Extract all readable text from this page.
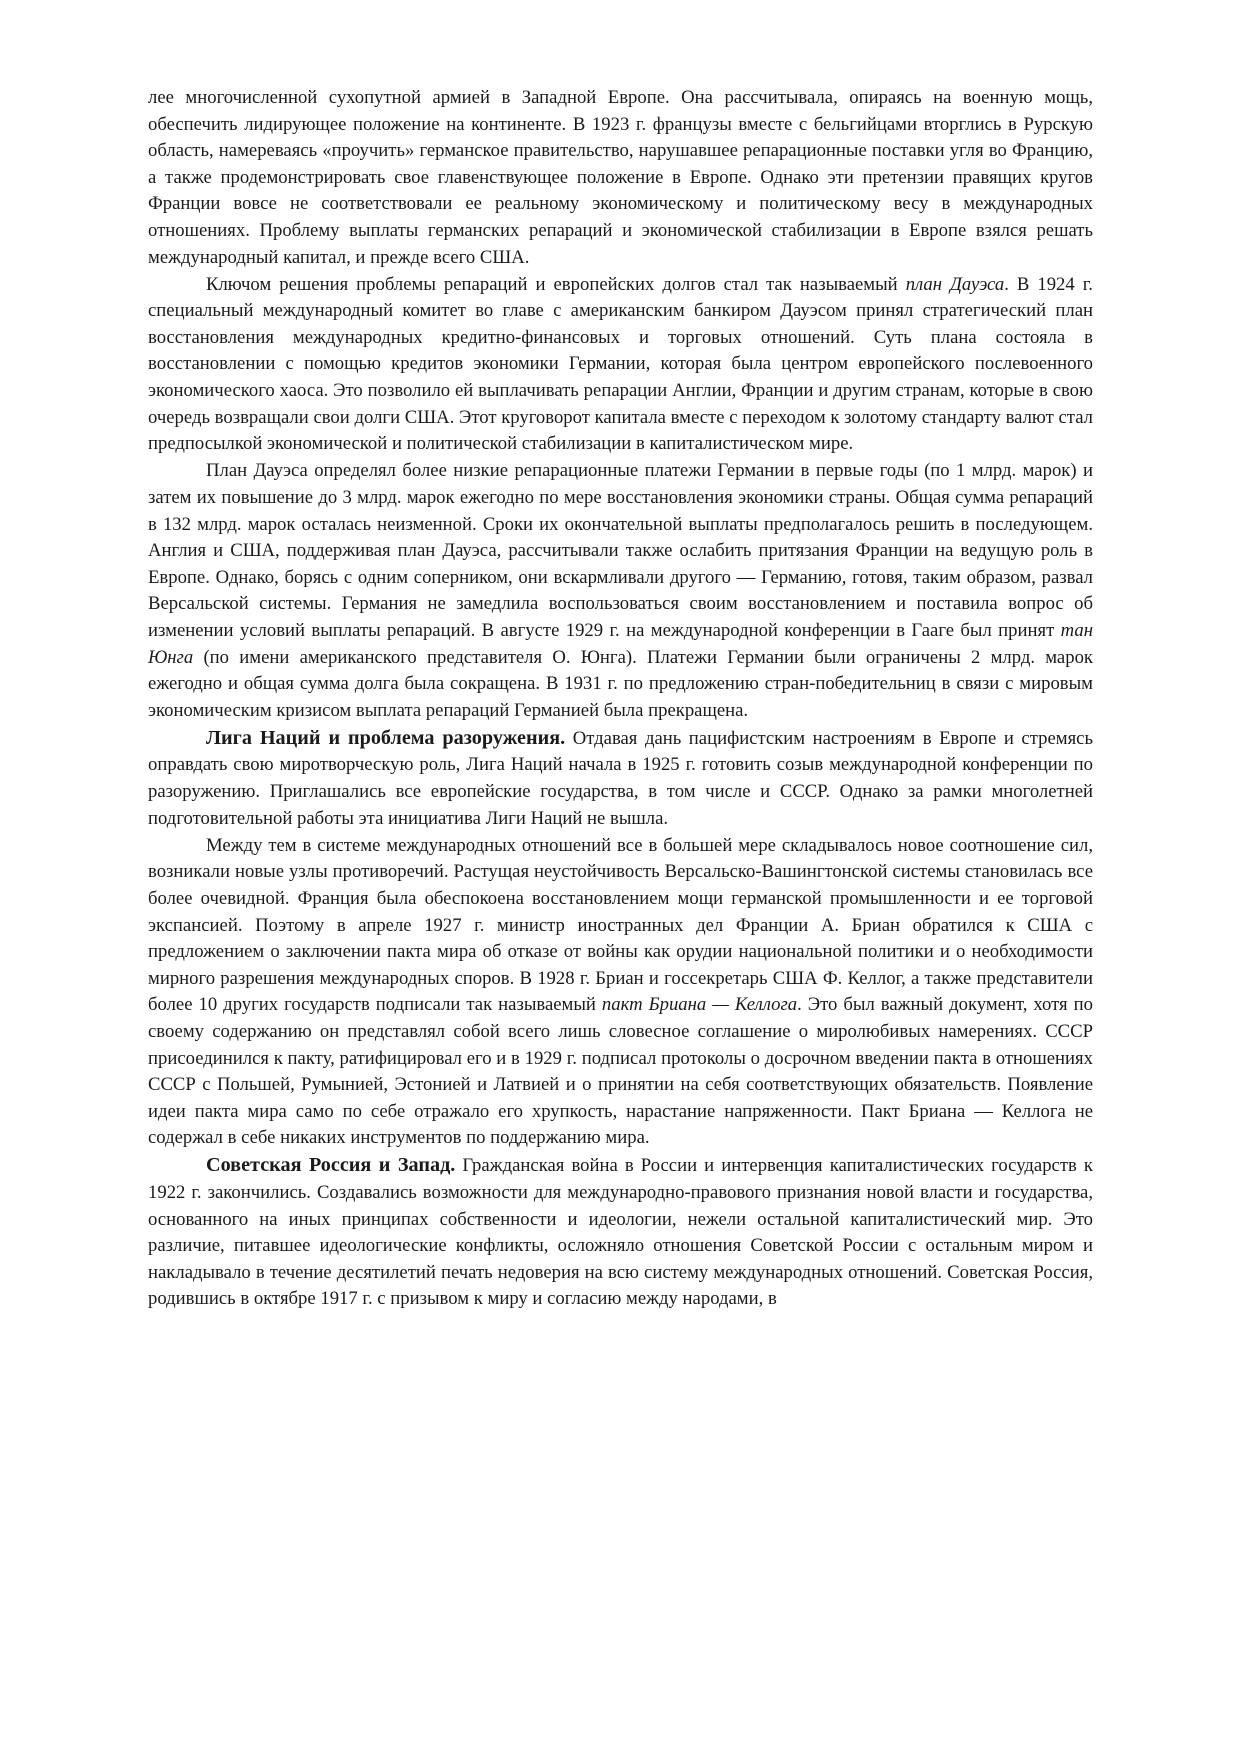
лее многочисленной сухопутной армией в Западной Европе. Она рассчитывала, опираясь на военную мощь, обеспечить лидирующее положение на континенте. В 1923 г. французы вместе с бельгийцами вторглись в Рурскую область, намереваясь «проучить» германское правительство, нарушавшее репарационные поставки угля во Францию, а также продемонстрировать свое главенствующее положение в Европе. Однако эти претензии правящих кругов Франции вовсе не соответствовали ее реальному экономическому и политическому весу в международных отношениях. Проблему выплаты германских репараций и экономической стабилизации в Европе взялся решать международный капитал, и прежде всего США.

Ключом решения проблемы репараций и европейских долгов стал так называемый план Дауэса. В 1924 г. специальный международный комитет во главе с американским банкиром Дауэсом принял стратегический план восстановления международных кредитно-финансовых и торговых отношений. Суть плана состояла в восстановлении с помощью кредитов экономики Германии, которая была центром европейского послевоенного экономического хаоса. Это позволило ей выплачивать репарации Англии, Франции и другим странам, которые в свою очередь возвращали свои долги США. Этот круговорот капитала вместе с переходом к золотому стандарту валют стал предпосылкой экономической и политической стабилизации в капиталистическом мире.

План Дауэса определял более низкие репарационные платежи Германии в первые годы (по 1 млрд. марок) и затем их повышение до 3 млрд. марок ежегодно по мере восстановления экономики страны. Общая сумма репараций в 132 млрд. марок осталась неизменной. Сроки их окончательной выплаты предполагалось решить в последующем. Англия и США, поддерживая план Дауэса, рассчитывали также ослабить притязания Франции на ведущую роль в Европе. Однако, борясь с одним соперником, они вскармливали другого — Германию, готовя, таким образом, развал Версальской системы. Германия не замедлила воспользоваться своим восстановлением и поставила вопрос об изменении условий выплаты репараций. В августе 1929 г. на международной конференции в Гааге был принят тан Юнга (по имени американского представителя О. Юнга). Платежи Германии были ограничены 2 млрд. марок ежегодно и общая сумма долга была сокращена. В 1931 г. по предложению стран-победительниц в связи с мировым экономическим кризисом выплата репараций Германией была прекращена.

Лига Наций и проблема разоружения. Отдавая дань пацифистским настроениям в Европе и стремясь оправдать свою миротворческую роль, Лига Наций начала в 1925 г. готовить созыв международной конференции по разоружению. Приглашались все европейские государства, в том числе и СССР. Однако за рамки многолетней подготовительной работы эта инициатива Лиги Наций не вышла.

Между тем в системе международных отношений все в большей мере складывалось новое соотношение сил, возникали новые узлы противоречий. Растущая неустойчивость Версальско-Вашингтонской системы становилась все более очевидной. Франция была обеспокоена восстановлением мощи германской промышленности и ее торговой экспансией. Поэтому в апреле 1927 г. министр иностранных дел Франции А. Бриан обратился к США с предложением о заключении пакта мира об отказе от войны как орудии национальной политики и о необходимости мирного разрешения международных споров. В 1928 г. Бриан и госсекретарь США Ф. Келлог, а также представители более 10 других государств подписали так называемый пакт Бриана — Келлога. Это был важный документ, хотя по своему содержанию он представлял собой всего лишь словесное соглашение о миролюбивых намерениях. СССР присоединился к пакту, ратифицировал его и в 1929 г. подписал протоколы о досрочном введении пакта в отношениях СССР с Польшей, Румынией, Эстонией и Латвией и о принятии на себя соответствующих обязательств. Появление идеи пакта мира само по себе отражало его хрупкость, нарастание напряженности. Пакт Бриана — Келлога не содержал в себе никаких инструментов по поддержанию мира.

Советская Россия и Запад. Гражданская война в России и интервенция капиталистических государств к 1922 г. закончились. Создавались возможности для международно-правового признания новой власти и государства, основанного на иных принципах собственности и идеологии, нежели остальной капиталистический мир. Это различие, питавшее идеологические конфликты, осложняло отношения Советской России с остальным миром и накладывало в течение десятилетий печать недоверия на всю систему международных отношений. Советская Россия, родившись в октябре 1917 г. с призывом к миру и согласию между народами, в
